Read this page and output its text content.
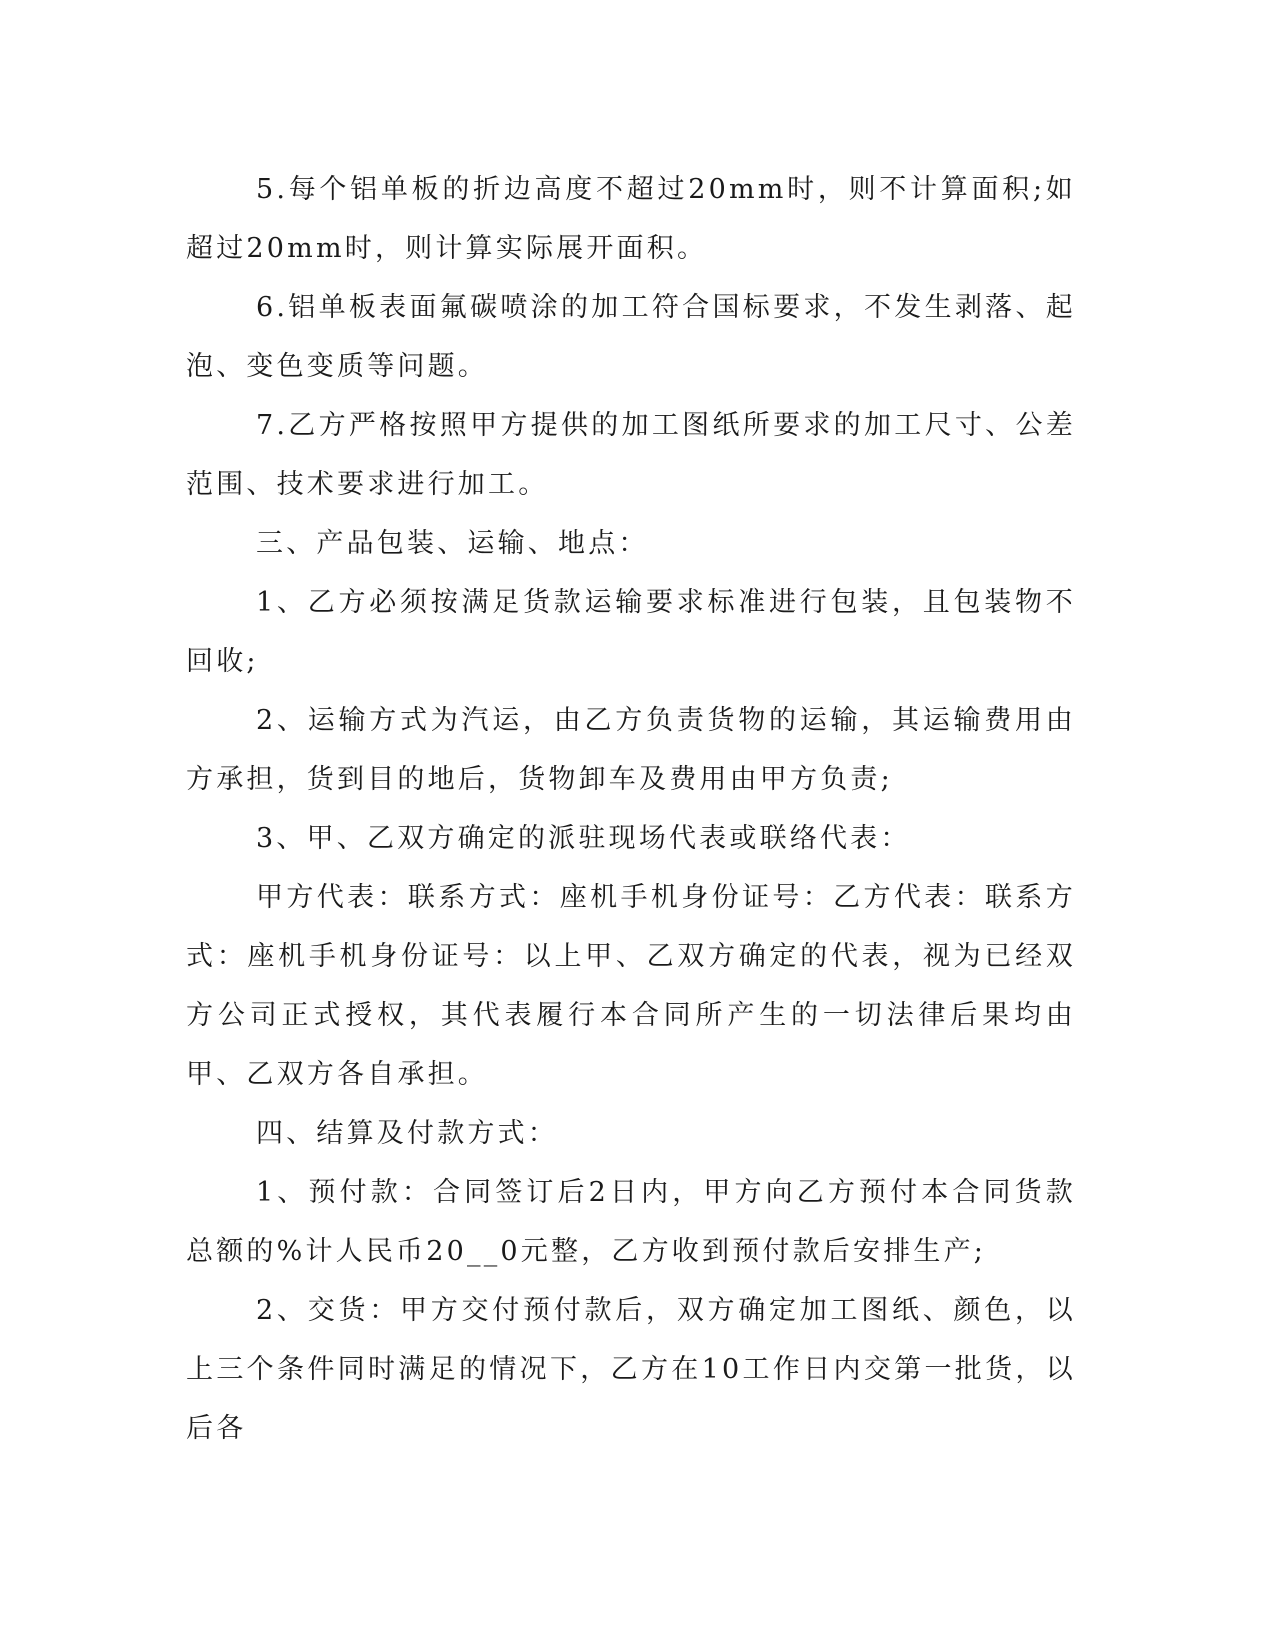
5.每个铝单板的折边高度不超过20mm时，则不计算面积;如超过20mm时，则计算实际展开面积。

6.铝单板表面氟碳喷涂的加工符合国标要求，不发生剥落、起泡、变色变质等问题。

7.乙方严格按照甲方提供的加工图纸所要求的加工尺寸、公差范围、技术要求进行加工。

三、产品包装、运输、地点：

1、乙方必须按满足货款运输要求标准进行包装，且包装物不回收;

2、运输方式为汽运，由乙方负责货物的运输，其运输费用由方承担，货到目的地后，货物卸车及费用由甲方负责;

3、甲、乙双方确定的派驻现场代表或联络代表：

甲方代表：联系方式：座机手机身份证号：乙方代表：联系方式：座机手机身份证号：以上甲、乙双方确定的代表，视为已经双方公司正式授权，其代表履行本合同所产生的一切法律后果均由甲、乙双方各自承担。

四、结算及付款方式：

1、预付款：合同签订后2日内，甲方向乙方预付本合同货款总额的%计人民币20__0元整，乙方收到预付款后安排生产;

2、交货：甲方交付预付款后，双方确定加工图纸、颜色，以上三个条件同时满足的情况下，乙方在10工作日内交第一批货，以后各
